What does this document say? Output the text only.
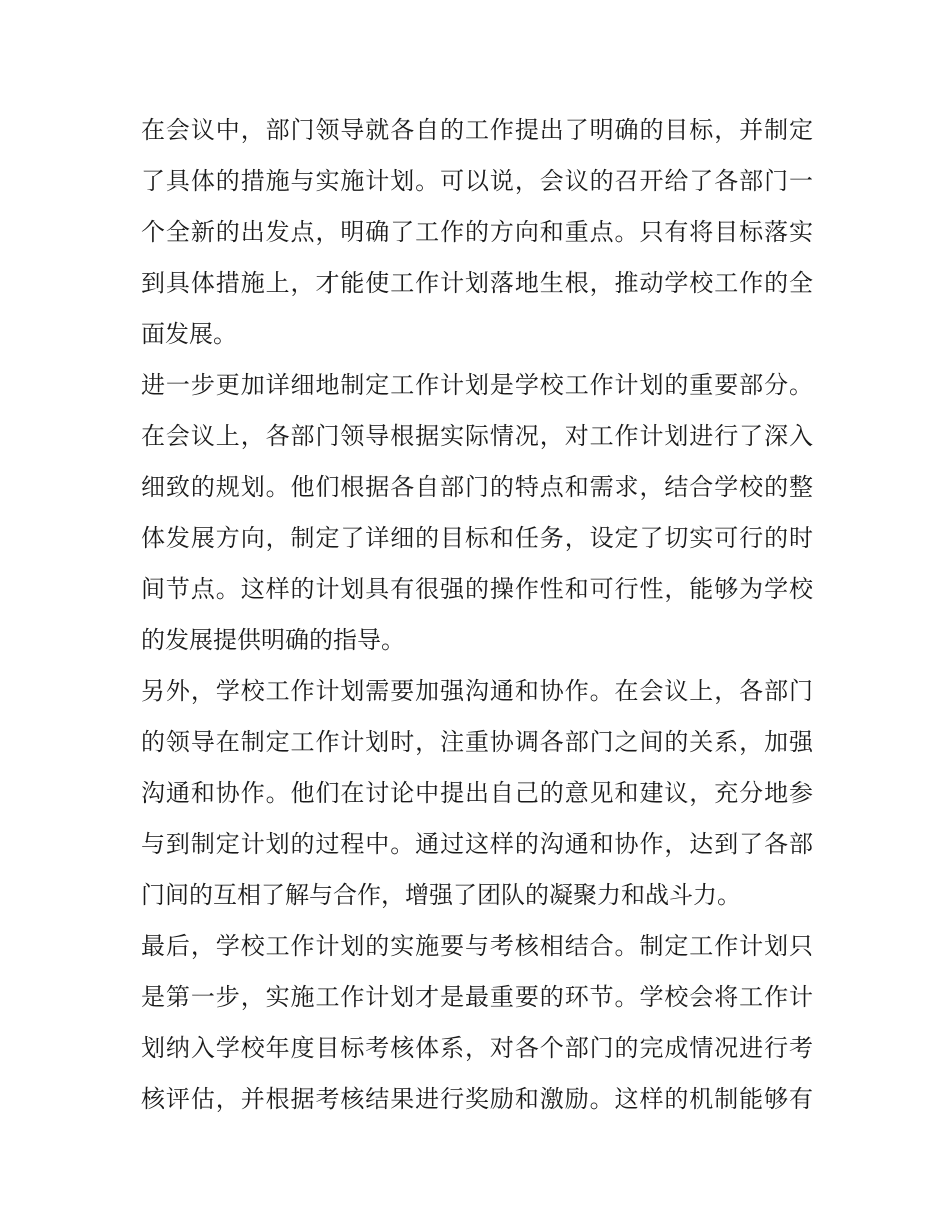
在会议中，部门领导就各自的工作提出了明确的目标，并制定
了具体的措施与实施计划。可以说，会议的召开给了各部门一
个全新的出发点，明确了工作的方向和重点。只有将目标落实
到具体措施上，才能使工作计划落地生根，推动学校工作的全
面发展。
进一步更加详细地制定工作计划是学校工作计划的重要部分。
在会议上，各部门领导根据实际情况，对工作计划进行了深入
细致的规划。他们根据各自部门的特点和需求，结合学校的整
体发展方向，制定了详细的目标和任务，设定了切实可行的时
间节点。这样的计划具有很强的操作性和可行性，能够为学校
的发展提供明确的指导。
另外，学校工作计划需要加强沟通和协作。在会议上，各部门
的领导在制定工作计划时，注重协调各部门之间的关系，加强
沟通和协作。他们在讨论中提出自己的意见和建议，充分地参
与到制定计划的过程中。通过这样的沟通和协作，达到了各部
门间的互相了解与合作，增强了团队的凝聚力和战斗力。
最后，学校工作计划的实施要与考核相结合。制定工作计划只
是第一步，实施工作计划才是最重要的环节。学校会将工作计
划纳入学校年度目标考核体系，对各个部门的完成情况进行考
核评估，并根据考核结果进行奖励和激励。这样的机制能够有
